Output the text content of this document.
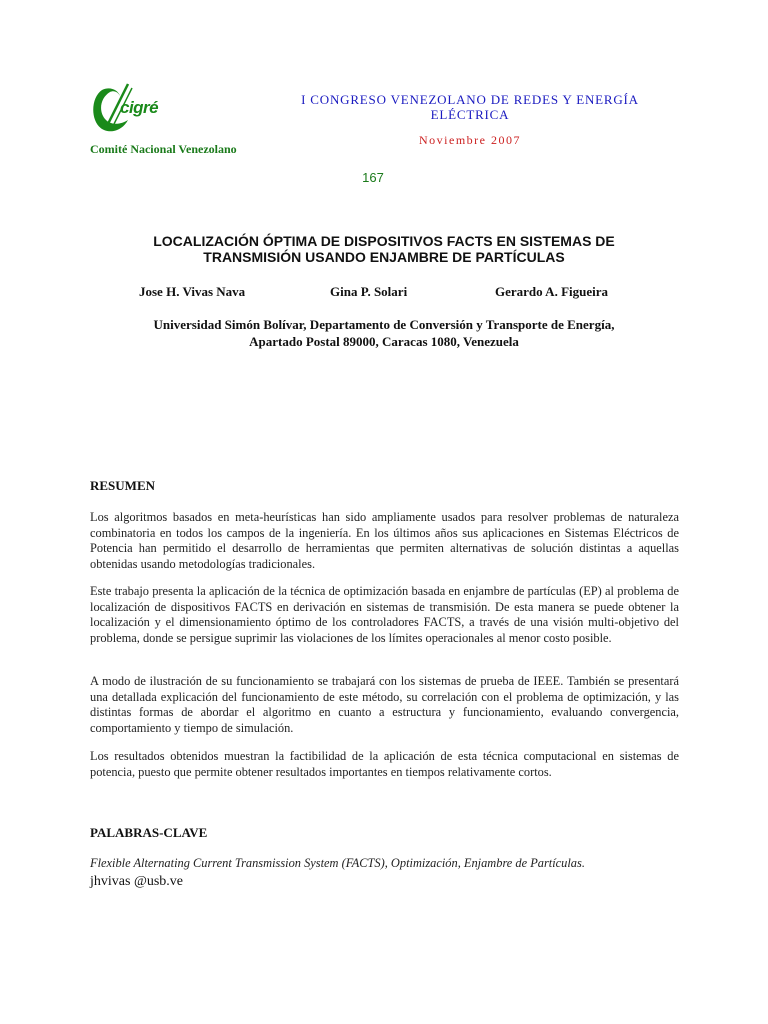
cigré
Comité Nacional Venezolano
I CONGRESO VENEZOLANO DE REDES Y ENERGÍA
ELÉCTRICA
Noviembre 2007
167
LOCALIZACIÓN ÓPTIMA DE DISPOSITIVOS FACTS EN SISTEMAS DE
TRANSMISIÓN USANDO ENJAMBRE DE PARTÍCULAS
Jose H. Vivas Nava	Gina P. Solari	Gerardo A. Figueira
Universidad Simón Bolívar, Departamento de Conversión y Transporte de Energía,
Apartado Postal 89000, Caracas 1080, Venezuela
RESUMEN
Los algoritmos basados en meta-heurísticas han sido ampliamente usados para resolver problemas de naturaleza combinatoria en todos los campos de la ingeniería. En los últimos años sus aplicaciones en Sistemas Eléctricos de Potencia han permitido el desarrollo de herramientas que permiten alternativas de solución distintas a aquellas obtenidas usando metodologías tradicionales.
Este trabajo presenta la aplicación de la técnica de optimización basada en enjambre de partículas (EP) al problema de localización de dispositivos FACTS en derivación en sistemas de transmisión. De esta manera se puede obtener la localización y el dimensionamiento óptimo de los controladores FACTS, a través de una visión multi-objetivo del problema, donde se persigue suprimir las violaciones de los límites operacionales al menor costo posible.
A modo de ilustración de su funcionamiento se trabajará con los sistemas de prueba de IEEE. También se presentará una detallada explicación del funcionamiento de este método, su correlación con el problema de optimización, y las distintas formas de abordar el algoritmo en cuanto a estructura y funcionamiento, evaluando convergencia, comportamiento y tiempo de simulación.
Los resultados obtenidos muestran la factibilidad de la aplicación de esta técnica computacional en sistemas de potencia, puesto que permite obtener resultados importantes en tiempos relativamente cortos.
PALABRAS-CLAVE
Flexible Alternating Current Transmission System (FACTS), Optimización, Enjambre de Partículas.
jhvivas @usb.ve
